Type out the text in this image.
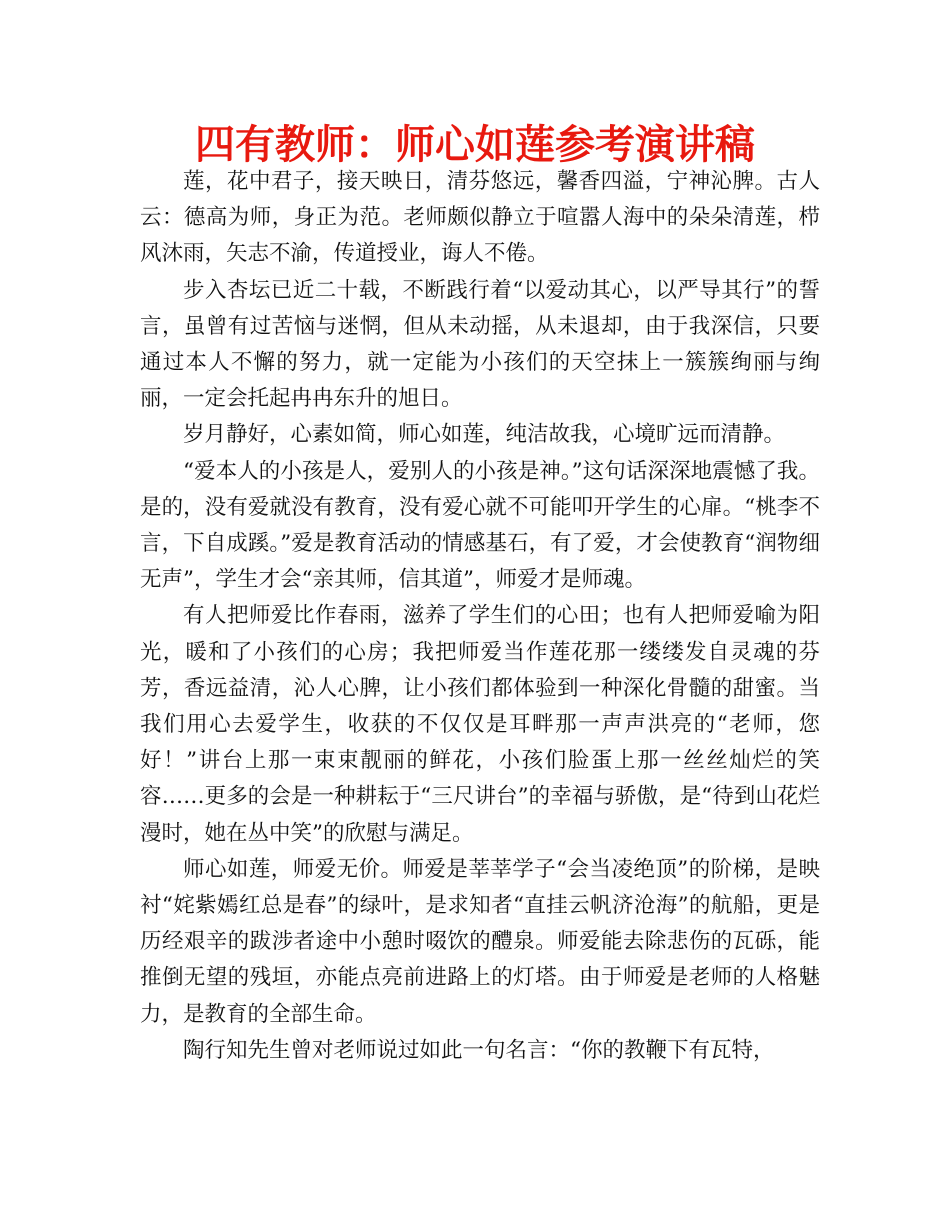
四有教师：师心如莲参考演讲稿

莲，花中君子，接天映日，清芬悠远，馨香四溢，宁神沁脾。古人云：德高为师，身正为范。老师颇似静立于喧嚣人海中的朵朵清莲，栉风沐雨，矢志不渝，传道授业，诲人不倦。

步入杏坛已近二十载，不断践行着“以爱动其心，以严导其行”的誓言，虽曾有过苦恼与迷惘，但从未动摇，从未退却，由于我深信，只要通过本人不懈的努力，就一定能为小孩们的天空抹上一簇簇绚丽与绚丽，一定会托起冉冉东升的旭日。

岁月静好，心素如简，师心如莲，纯洁故我，心境旷远而清静。

“爱本人的小孩是人，爱别人的小孩是神。”这句话深深地震憾了我。是的，没有爱就没有教育，没有爱心就不可能叩开学生的心扉。“桃李不言，下自成蹊。”爱是教育活动的情感基石，有了爱，才会使教育“润物细无声”，学生才会“亲其师，信其道”，师爱才是师魂。

有人把师爱比作春雨，滋养了学生们的心田；也有人把师爱喻为阳光，暖和了小孩们的心房；我把师爱当作莲花那一缕缕发自灵魂的芬芳，香远益清，沁人心脾，让小孩们都体验到一种深化骨髓的甜蜜。当我们用心去爱学生，收获的不仅仅是耳畔那一声声洪亮的“老师，您好！”讲台上那一束束靓丽的鲜花，小孩们脸蛋上那一丝丝灿烂的笑容……更多的会是一种耕耘于“三尺讲台”的幸福与骄傲，是“待到山花烂漫时，她在丛中笑”的欣慰与满足。

师心如莲，师爱无价。师爱是莘莘学子“会当凌绝顶”的阶梯，是映衬“姹紫嫣红总是春”的绿叶，是求知者“直挂云帆济沧海”的航船，更是历经艰辛的跋涉者途中小憩时啜饮的醴泉。师爱能去除悲伤的瓦砾，能推倒无望的残垣，亦能点亮前进路上的灯塔。由于师爱是老师的人格魅力，是教育的全部生命。

陶行知先生曾对老师说过如此一句名言：“你的教鞭下有瓦特，
